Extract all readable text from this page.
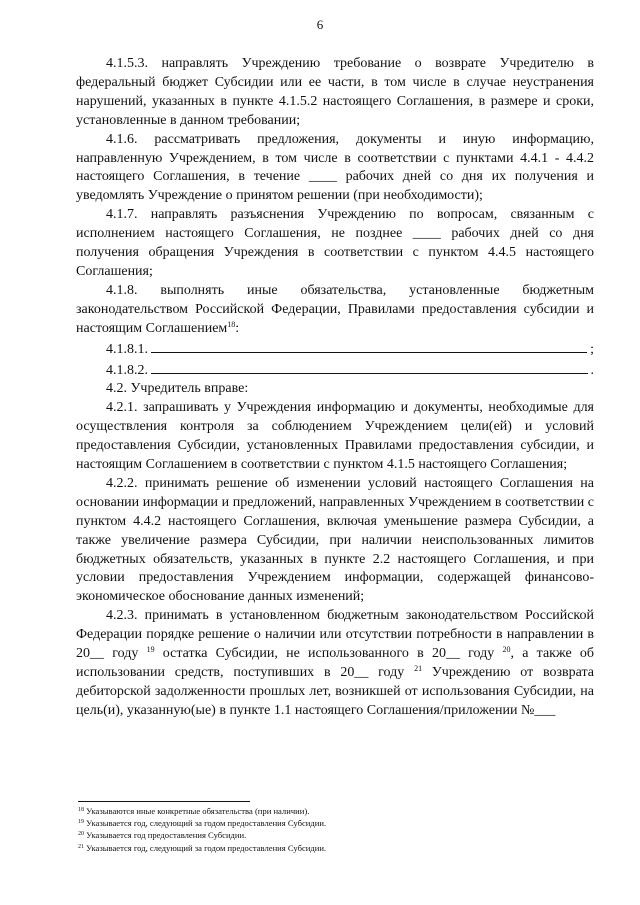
6

4.1.5.3. направлять Учреждению требование о возврате Учредителю в федеральный бюджет Субсидии или ее части, в том числе в случае неустранения нарушений, указанных в пункте 4.1.5.2 настоящего Соглашения, в размере и сроки, установленные в данном требовании;

4.1.6. рассматривать предложения, документы и иную информацию, направленную Учреждением, в том числе в соответствии с пунктами 4.4.1 - 4.4.2 настоящего Соглашения, в течение ____ рабочих дней со дня их получения и уведомлять Учреждение о принятом решении (при необходимости);

4.1.7. направлять разъяснения Учреждению по вопросам, связанным с исполнением настоящего Соглашения, не позднее ____ рабочих дней со дня получения обращения Учреждения в соответствии с пунктом 4.4.5 настоящего Соглашения;

4.1.8. выполнять иные обязательства, установленные бюджетным законодательством Российской Федерации, Правилами предоставления субсидии и настоящим Соглашением$^{18}$:

4.1.8.1.	;
4.1.8.2.	.

4.2. Учредитель вправе:

4.2.1. запрашивать у Учреждения информацию и документы, необходимые для осуществления контроля за соблюдением Учреждением цели(ей) и условий предоставления Субсидии, установленных Правилами предоставления субсидии, и настоящим Соглашением в соответствии с пунктом 4.1.5 настоящего Соглашения;

4.2.2. принимать решение об изменении условий настоящего Соглашения на основании информации и предложений, направленных Учреждением в соответствии с пунктом 4.4.2 настоящего Соглашения, включая уменьшение размера Субсидии, а также увеличение размера Субсидии, при наличии неиспользованных лимитов бюджетных обязательств, указанных в пункте 2.2 настоящего Соглашения, и при условии предоставления Учреждением информации, содержащей финансово-экономическое обоснование данных изменений;

4.2.3. принимать в установленном бюджетным законодательством Российской Федерации порядке решение о наличии или отсутствии потребности в направлении в 20__ году $^{19}$ остатка Субсидии, не использованного в 20__ году $^{20}$, а также об использовании средств, поступивших в 20__ году $^{21}$ Учреждению от возврата дебиторской задолженности прошлых лет, возникшей от использования Субсидии, на цель(и), указанную(ые) в пункте 1.1 настоящего Соглашения/приложении №___

$^{18}$ Указываются иные конкретные обязательства (при наличии).
$^{19}$ Указывается год, следующий за годом предоставления Субсидии.
$^{20}$ Указывается год предоставления Субсидии.
$^{21}$ Указывается год, следующий за годом предоставления Субсидии.
